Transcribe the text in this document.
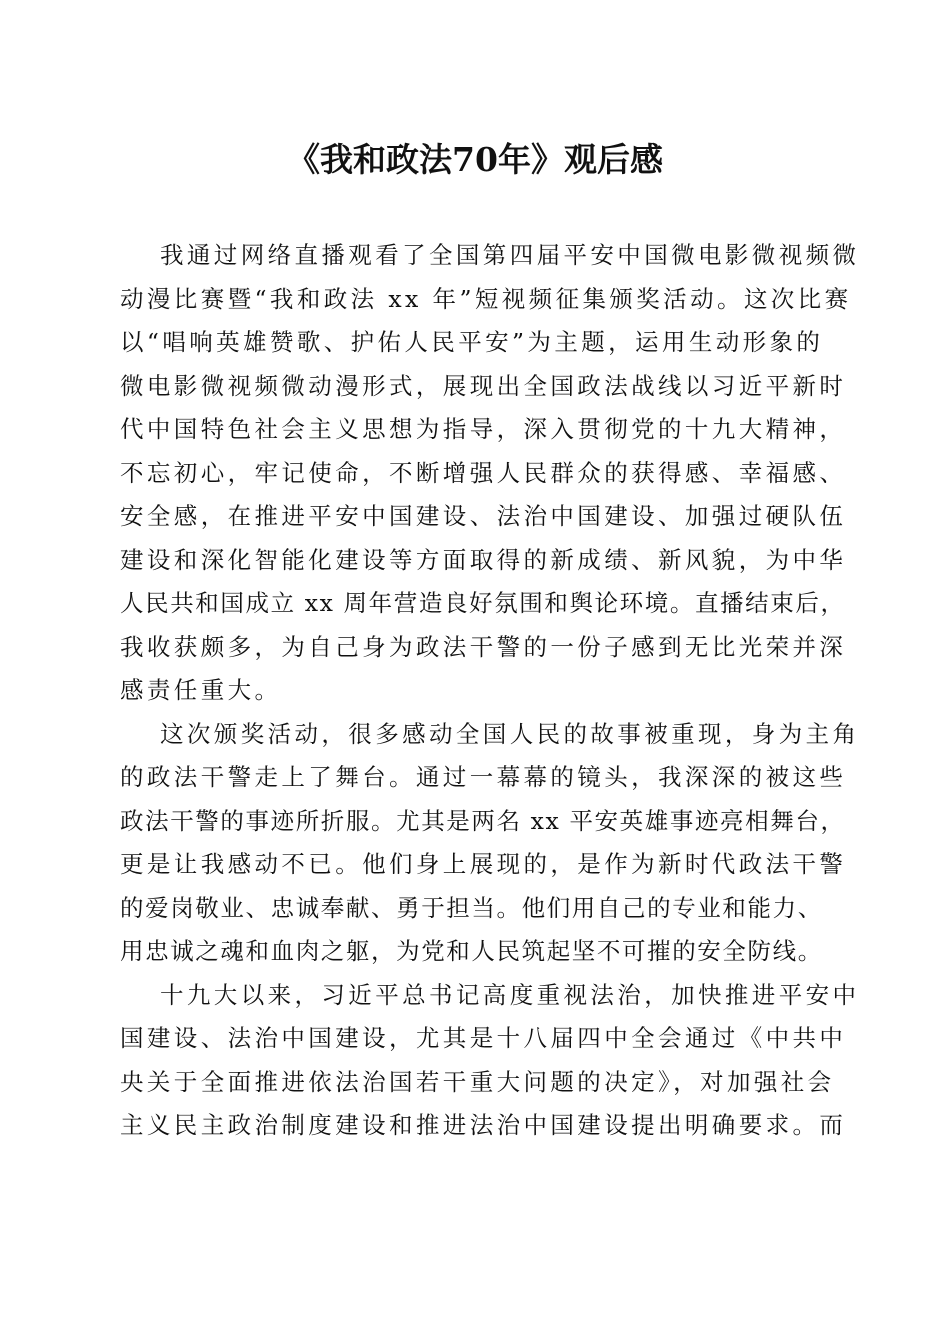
《我和政法70年》观后感
我通过网络直播观看了全国第四届平安中国微电影微视频微
动漫比赛暨“我和政法 xx 年”短视频征集颁奖活动。这次比赛
以“唱响英雄赞歌、护佑人民平安”为主题，运用生动形象的
微电影微视频微动漫形式，展现出全国政法战线以习近平新时
代中国特色社会主义思想为指导，深入贯彻党的十九大精神，
不忘初心，牢记使命，不断增强人民群众的获得感、幸福感、
安全感，在推进平安中国建设、法治中国建设、加强过硬队伍
建设和深化智能化建设等方面取得的新成绩、新风貌，为中华
人民共和国成立 xx 周年营造良好氛围和舆论环境。直播结束后，
我收获颇多，为自己身为政法干警的一份子感到无比光荣并深
感责任重大。
这次颁奖活动，很多感动全国人民的故事被重现，身为主角
的政法干警走上了舞台。通过一幕幕的镜头，我深深的被这些
政法干警的事迹所折服。尤其是两名 xx 平安英雄事迹亮相舞台，
更是让我感动不已。他们身上展现的，是作为新时代政法干警
的爱岗敬业、忠诚奉献、勇于担当。他们用自己的专业和能力、
用忠诚之魂和血肉之躯，为党和人民筑起坚不可摧的安全防线。
十九大以来，习近平总书记高度重视法治，加快推进平安中
国建设、法治中国建设，尤其是十八届四中全会通过《中共中
央关于全面推进依法治国若干重大问题的决定》，对加强社会
主义民主政治制度建设和推进法治中国建设提出明确要求。而
